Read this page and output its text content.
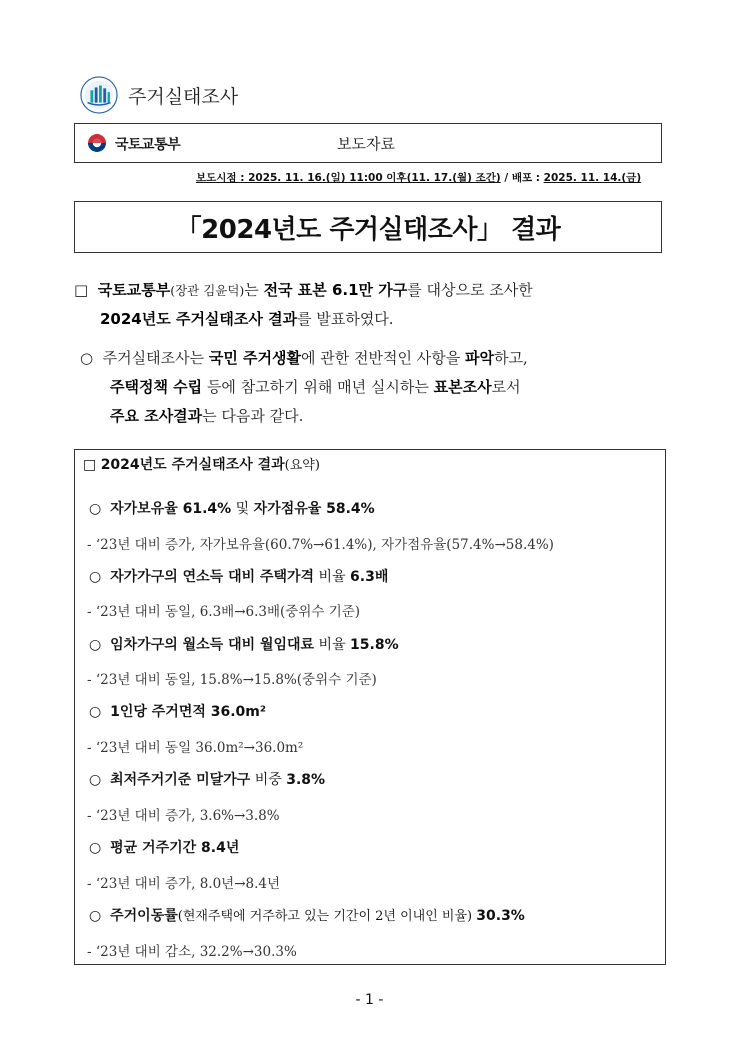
주거실태조사
국토교통부	보도자료
보도시점 : 2025. 11. 16.(일) 11:00 이후(11. 17.(월) 조간) / 배포 : 2025. 11. 14.(금)
「2024년도 주거실태조사」 결과
□ 국토교통부(장관 김윤덕)는 전국 표본 6.1만 가구를 대상으로 조사한
2024년도 주거실태조사 결과를 발표하였다.
○ 주거실태조사는 국민 주거생활에 관한 전반적인 사항을 파악하고,
주택정책 수립 등에 참고하기 위해 매년 실시하는 표본조사로서
주요 조사결과는 다음과 같다.
□ 2024년도 주거실태조사 결과(요약)
○ 자가보유율 61.4% 및 자가점유율 58.4%
- ‘23년 대비 증가, 자가보유율(60.7%→61.4%), 자가점유율(57.4%→58.4%)
○ 자가가구의 연소득 대비 주택가격 비율 6.3배
- ‘23년 대비 동일, 6.3배→6.3배(중위수 기준)
○ 임차가구의 월소득 대비 월임대료 비율 15.8%
- ‘23년 대비 동일, 15.8%→15.8%(중위수 기준)
○ 1인당 주거면적 36.0m²
- ‘23년 대비 동일 36.0m²→36.0m²
○ 최저주거기준 미달가구 비중 3.8%
- ‘23년 대비 증가, 3.6%→3.8%
○ 평균 거주기간 8.4년
- ‘23년 대비 증가, 8.0년→8.4년
○ 주거이동률(현재주택에 거주하고 있는 기간이 2년 이내인 비율) 30.3%
- ‘23년 대비 감소, 32.2%→30.3%
- 1 -
